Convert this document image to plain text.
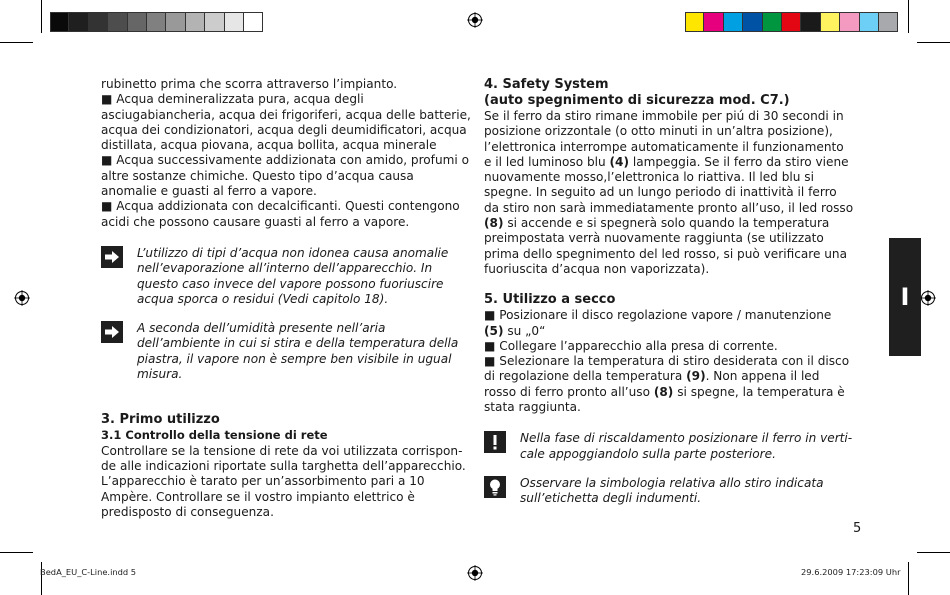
rubinetto prima che scorra attraverso l’impianto.

■ Acqua demineralizzata pura, acqua degli asciugabiancheria, acqua dei frigoriferi, acqua delle batterie, acqua dei condizionatori, acqua degli deumidificatori, acqua distillata, acqua piovana, acqua bollita, acqua minerale

■ Acqua successivamente addizionata con amido, profumi o altre sostanze chimiche. Questo tipo d’acqua causa anomalie e guasti al ferro a vapore.

■ Acqua addizionata con decalcificanti. Questi contengono acidi che possono causare guasti al ferro a vapore.

L’utilizzo di tipi d’acqua non idonea causa anomalie nell’evaporazione all’interno dell’apparecchio. In questo caso invece del vapore possono fuoriuscire acqua sporca o residui (Vedi capitolo 18).

A seconda dell’umidità presente nell’aria dell’ambiente in cui si stira e della temperatura della piastra, il vapore non è sempre ben visibile in ugual misura.

3. Primo utilizzo

3.1 Controllo della tensione di rete

Controllare se la tensione di rete da voi utilizzata corrisponde alle indicazioni riportate sulla targhetta dell’apparecchio. L’apparecchio è tarato per un’assorbimento pari a 10 Ampère. Controllare se il vostro impianto elettrico è predisposto di conseguenza.

4. Safety System

(auto spegnimento di sicurezza mod. C7.)

Se il ferro da stiro rimane immobile per piú di 30 secondi in posizione orizzontale (o otto minuti in un’altra posizione), l’elettronica interrompe automaticamente il funzionamento e il led luminoso blu (4) lampeggia. Se il ferro da stiro viene nuovamente mosso,l’elettronica lo riattiva. Il led blu si spegne. In seguito ad un lungo periodo di inattività il ferro da stiro non sarà immediatamente pronto all’uso, il led rosso (8) si accende e si spegnerà solo quando la temperatura preimpostata verrà nuovamente raggiunta (se utilizzato prima dello spegnimento del led rosso, si può verificare una fuoriuscita d’acqua non vaporizzata).

5. Utilizzo a secco

■ Posizionare il disco regolazione vapore / manutenzione (5) su „0“

■ Collegare l’apparecchio alla presa di corrente.

■ Selezionare la temperatura di stiro desiderata con il disco di regolazione della temperatura (9). Non appena il led rosso di ferro pronto all’uso (8) si spegne, la temperatura è stata raggiunta.

Nella fase di riscaldamento posizionare il ferro in verticale appoggiandolo sulla parte posteriore.

Osservare la simbologia relativa allo stiro indicata sull’etichetta degli indumenti.

I
5
BedA_EU_C-Line.indd 5	29.6.2009 17:23:09 Uhr
